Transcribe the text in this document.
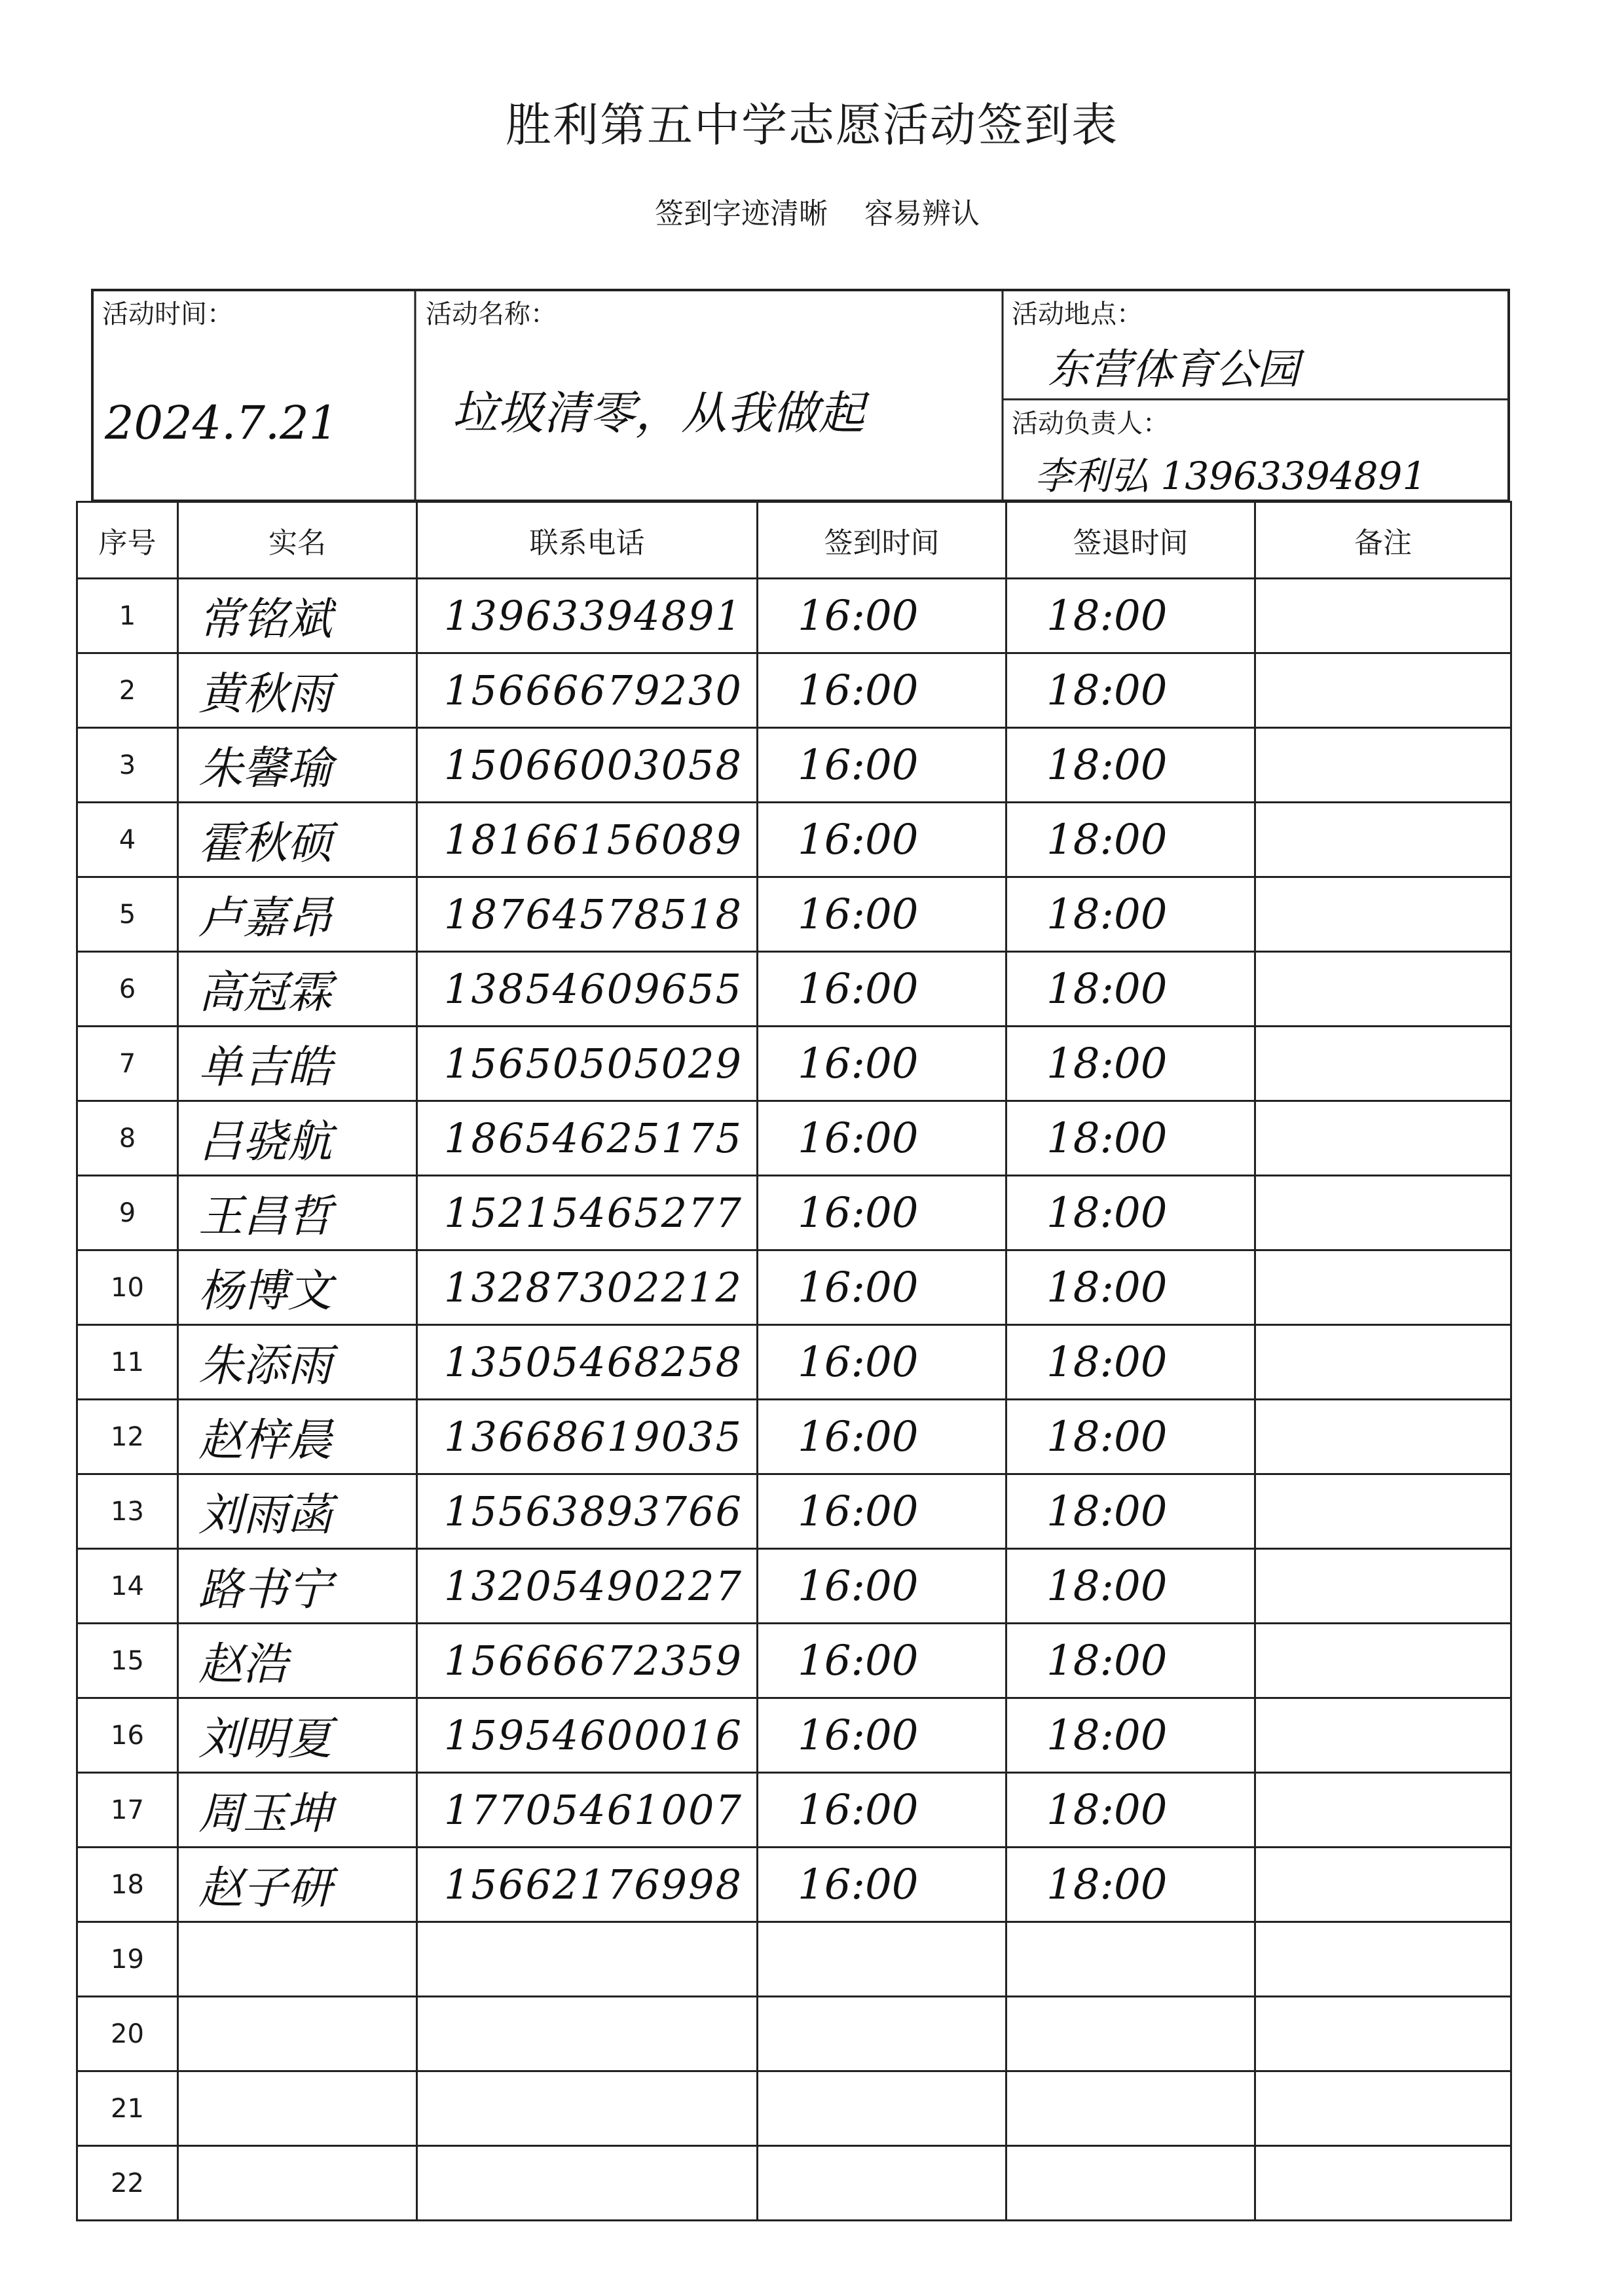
胜利第五中学志愿活动签到表
签到字迹清晰    容易辨认
活动时间：
2024.7.21
活动名称：
垃圾清零，从我做起
活动地点：
东营体育公园
活动负责人：
李利弘 13963394891
序号	实名	联系电话	签到时间	签退时间	备注
1	常铭斌	13963394891	16:00	18:00	
2	黄秋雨	15666679230	16:00	18:00	
3	朱馨瑜	15066003058	16:00	18:00	
4	霍秋硕	18166156089	16:00	18:00	
5	卢嘉昂	18764578518	16:00	18:00	
6	高冠霖	13854609655	16:00	18:00	
7	单吉皓	15650505029	16:00	18:00	
8	吕骁航	18654625175	16:00	18:00	
9	王昌哲	15215465277	16:00	18:00	
10	杨博文	13287302212	16:00	18:00	
11	朱添雨	13505468258	16:00	18:00	
12	赵梓晨	13668619035	16:00	18:00	
13	刘雨菡	15563893766	16:00	18:00	
14	路书宁	13205490227	16:00	18:00	
15	赵浩	15666672359	16:00	18:00	
16	刘明夏	15954600016	16:00	18:00	
17	周玉坤	17705461007	16:00	18:00	
18	赵子研	15662176998	16:00	18:00	
19					
20					
21					
22					
